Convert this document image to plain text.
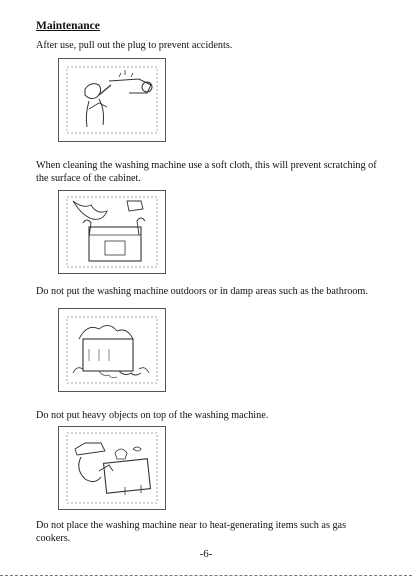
Maintenance

After use, pull out the plug to prevent accidents.

When cleaning the washing machine use a soft cloth, this will prevent scratching of the surface of the cabinet.

Do not put the washing machine outdoors or in damp areas such as the bathroom.

Do not put heavy objects on top of the washing machine.

Do not place the washing machine near to heat-generating items such as gas cookers.

-6-
